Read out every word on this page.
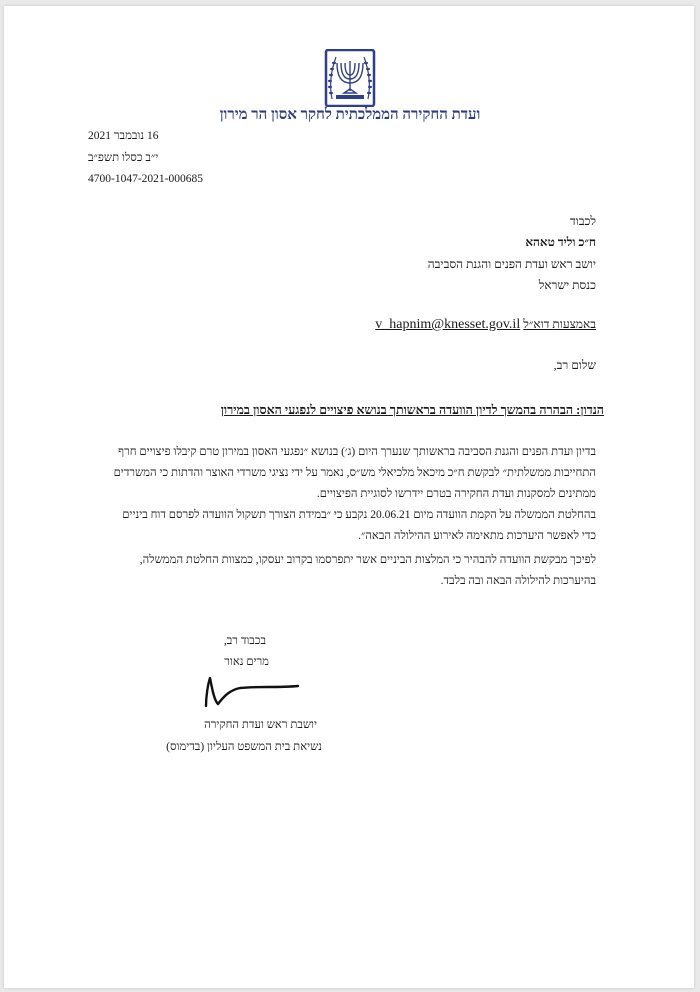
ועדת החקירה הממלכתית לחקר אסון הר מירון
16 נובמבר 2021
י״ב כסלו תשפ״ב
4700-1047-2021-000685
לכבוד
ח״כ וליד טאהא
יושב ראש ועדת הפנים והגנת הסביבה
כנסת ישראל
באמצעות דוא״ל v_hapnim@knesset.gov.il
שלום רב,
הנדון: הבהרה בהמשך לדיון הוועדה בראשותך בנושא פיצויים לנפגעי האסון במירון
בדיון ועדת הפנים והגנת הסביבה בראשותך שנערך היום (ג׳) בנושא ״נפגעי האסון במירון טרם קיבלו פיצויים חרף
התחייבות ממשלתית״ לבקשת ח״כ מיכאל מלכיאלי מש״ס, נאמר על ידי נציגי משרדי האוצר והדתות כי המשרדים
ממתינים למסקנות ועדת החקירה בטרם יידרשו לסוגיית הפיצויים.
בהחלטת הממשלה על הקמת הוועדה מיום 20.06.21 נקבע כי ״במידת הצורך תשקול הוועדה לפרסם דוח ביניים
כדי לאפשר היערכות מתאימה לאירוע ההילולה הבאה״.
לפיכך מבקשת הוועדה להבהיר כי המלצות הביניים אשר יתפרסמו בקרוב יעסקו, כמצוות החלטת הממשלה,
בהיערכות להילולה הבאה ובה בלבד.
בכבוד רב,
מרים נאור
יושבת ראש ועדת החקירה
נשיאת בית המשפט העליון (בדימוס)
